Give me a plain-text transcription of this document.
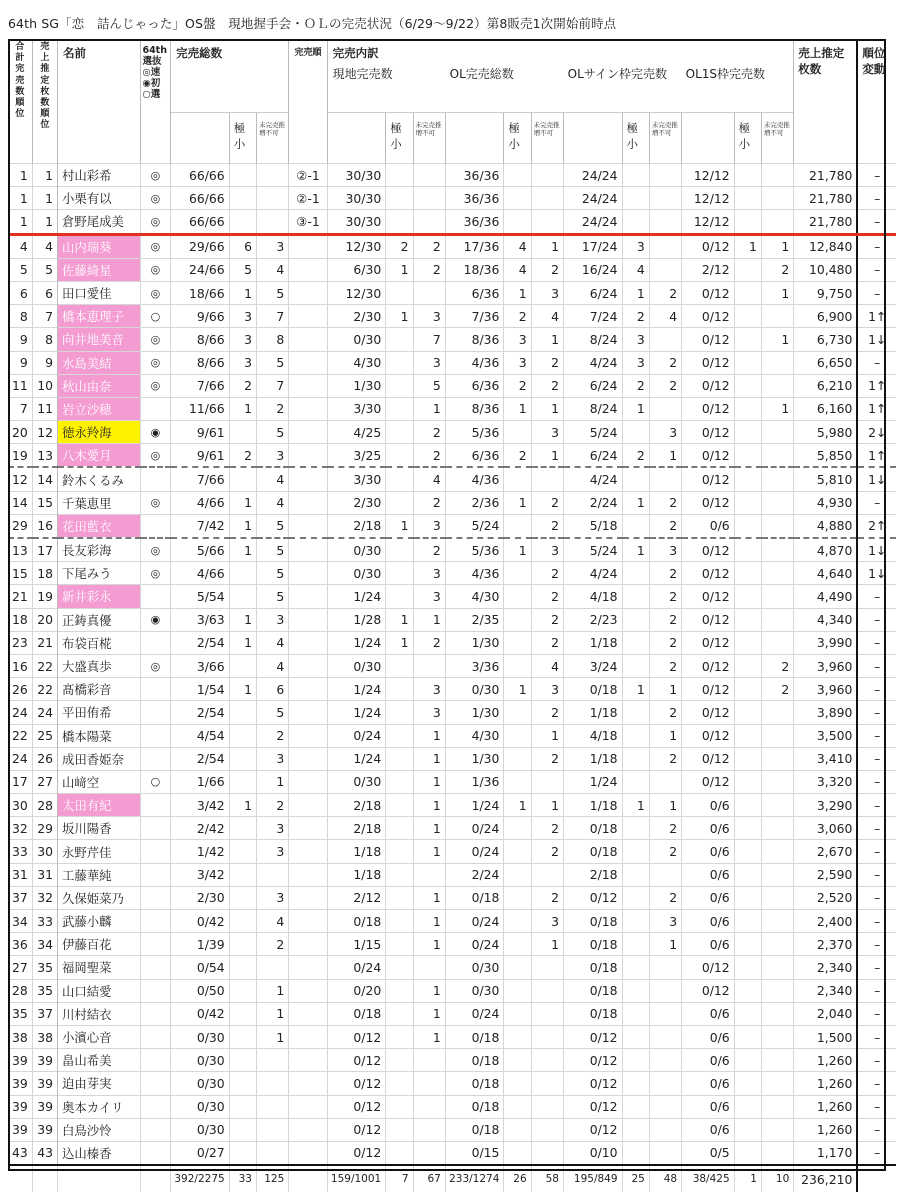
64th SG「恋　詰んじゃった」OS盤　現地握手会・ＯＬの完売状況（6/29〜9/22）第8販売1次開始前時点
合計完売数順位	売上推定枚数順位	名前	64th 選抜 ◎速 ◉初 ○選	完売総数			完売順	完売内訳
現地完売数 OL完売総数 OLサイン枠完売数 OL1S枠完売数												売上推定枚数	順位変動
					極小	未完売推増不可			極小	未完売推増不可		極小	未完売推増不可		極小	未完売推増不可		極小	未完売推増不可		
1	1	村山彩希	◎	66/66			②-1	30/30			36/36			24/24			12/12			21,780	–
1	1	小栗有以	◎	66/66			②-1	30/30			36/36			24/24			12/12			21,780	–
1	1	倉野尾成美	◎	66/66			③-1	30/30			36/36			24/24			12/12			21,780	–
4	4	山内瑞葵	◎	29/66	6	3		12/30	2	2	17/36	4	1	17/24	3		0/12	1	1	12,840	–
5	5	佐藤綺星	◎	24/66	5	4		6/30	1	2	18/36	4	2	16/24	4		2/12		2	10,480	–
6	6	田口愛佳	◎	18/66	1	5		12/30			6/36	1	3	6/24	1	2	0/12		1	9,750	–
8	7	橋本恵理子	○	9/66	3	7		2/30	1	3	7/36	2	4	7/24	2	4	0/12			6,900	1↑
9	8	向井地美音	◎	8/66	3	8		0/30		7	8/36	3	1	8/24	3		0/12		1	6,730	1↓
9	9	水島美結	◎	8/66	3	5		4/30		3	4/36	3	2	4/24	3	2	0/12			6,650	–
11	10	秋山由奈	◎	7/66	2	7		1/30		5	6/36	2	2	6/24	2	2	0/12			6,210	1↑
7	11	岩立沙穂		11/66	1	2		3/30		1	8/36	1	1	8/24	1		0/12		1	6,160	1↑
20	12	徳永羚海	◉	9/61		5		4/25		2	5/36		3	5/24		3	0/12			5,980	2↓
19	13	八木愛月	◎	9/61	2	3		3/25		2	6/36	2	1	6/24	2	1	0/12			5,850	1↑
12	14	鈴木くるみ		7/66		4		3/30		4	4/36			4/24			0/12			5,810	1↓
14	15	千葉恵里	◎	4/66	1	4		2/30		2	2/36	1	2	2/24	1	2	0/12			4,930	–
29	16	花田藍衣		7/42	1	5		2/18	1	3	5/24		2	5/18		2	0/6			4,880	2↑
13	17	長友彩海	◎	5/66	1	5		0/30		2	5/36	1	3	5/24	1	3	0/12			4,870	1↓
15	18	下尾みう	◎	4/66		5		0/30		3	4/36		2	4/24		2	0/12			4,640	1↓
21	19	新井彩永		5/54		5		1/24		3	4/30		2	4/18		2	0/12			4,490	–
18	20	正鋳真優	◉	3/63	1	3		1/28	1	1	2/35		2	2/23		2	0/12			4,340	–
23	21	布袋百椛		2/54	1	4		1/24	1	2	1/30		2	1/18		2	0/12			3,990	–
16	22	大盛真歩	◎	3/66		4		0/30			3/36		4	3/24		2	0/12		2	3,960	–
26	22	髙橋彩音		1/54	1	6		1/24		3	0/30	1	3	0/18	1	1	0/12		2	3,960	–
24	24	平田侑希		2/54		5		1/24		3	1/30		2	1/18		2	0/12			3,890	–
22	25	橋本陽菜		4/54		2		0/24		1	4/30		1	4/18		1	0/12			3,500	–
24	26	成田香姫奈		2/54		3		1/24		1	1/30		2	1/18		2	0/12			3,410	–
17	27	山﨑空	○	1/66		1		0/30		1	1/36			1/24			0/12			3,320	–
30	28	太田有紀		3/42	1	2		2/18		1	1/24	1	1	1/18	1	1	0/6			3,290	–
32	29	坂川陽香		2/42		3		2/18		1	0/24		2	0/18		2	0/6			3,060	–
33	30	永野芹佳		1/42		3		1/18		1	0/24		2	0/18		2	0/6			2,670	–
31	31	工藤華純		3/42				1/18			2/24			2/18			0/6			2,590	–
37	32	久保姫菜乃		2/30		3		2/12		1	0/18		2	0/12		2	0/6			2,520	–
34	33	武藤小麟		0/42		4		0/18		1	0/24		3	0/18		3	0/6			2,400	–
36	34	伊藤百花		1/39		2		1/15		1	0/24		1	0/18		1	0/6			2,370	–
27	35	福岡聖菜		0/54				0/24			0/30			0/18			0/12			2,340	–
28	35	山口結愛		0/50		1		0/20		1	0/30			0/18			0/12			2,340	–
35	37	川村結衣		0/42		1		0/18		1	0/24			0/18			0/6			2,040	–
38	38	小濱心音		0/30		1		0/12		1	0/18			0/12			0/6			1,500	–
39	39	畠山希美		0/30				0/12			0/18			0/12			0/6			1,260	–
39	39	迫由芽実		0/30				0/12			0/18			0/12			0/6			1,260	–
39	39	奥本カイリ		0/30				0/12			0/18			0/12			0/6			1,260	–
39	39	白鳥沙怜		0/30				0/12			0/18			0/12			0/6			1,260	–
43	43	込山榛香		0/27				0/12			0/15			0/10			0/5			1,170	–
				392/2275	33	125		159/1001	7	67	233/1274	26	58	195/849	25	48	38/425	1	10	236,210	
